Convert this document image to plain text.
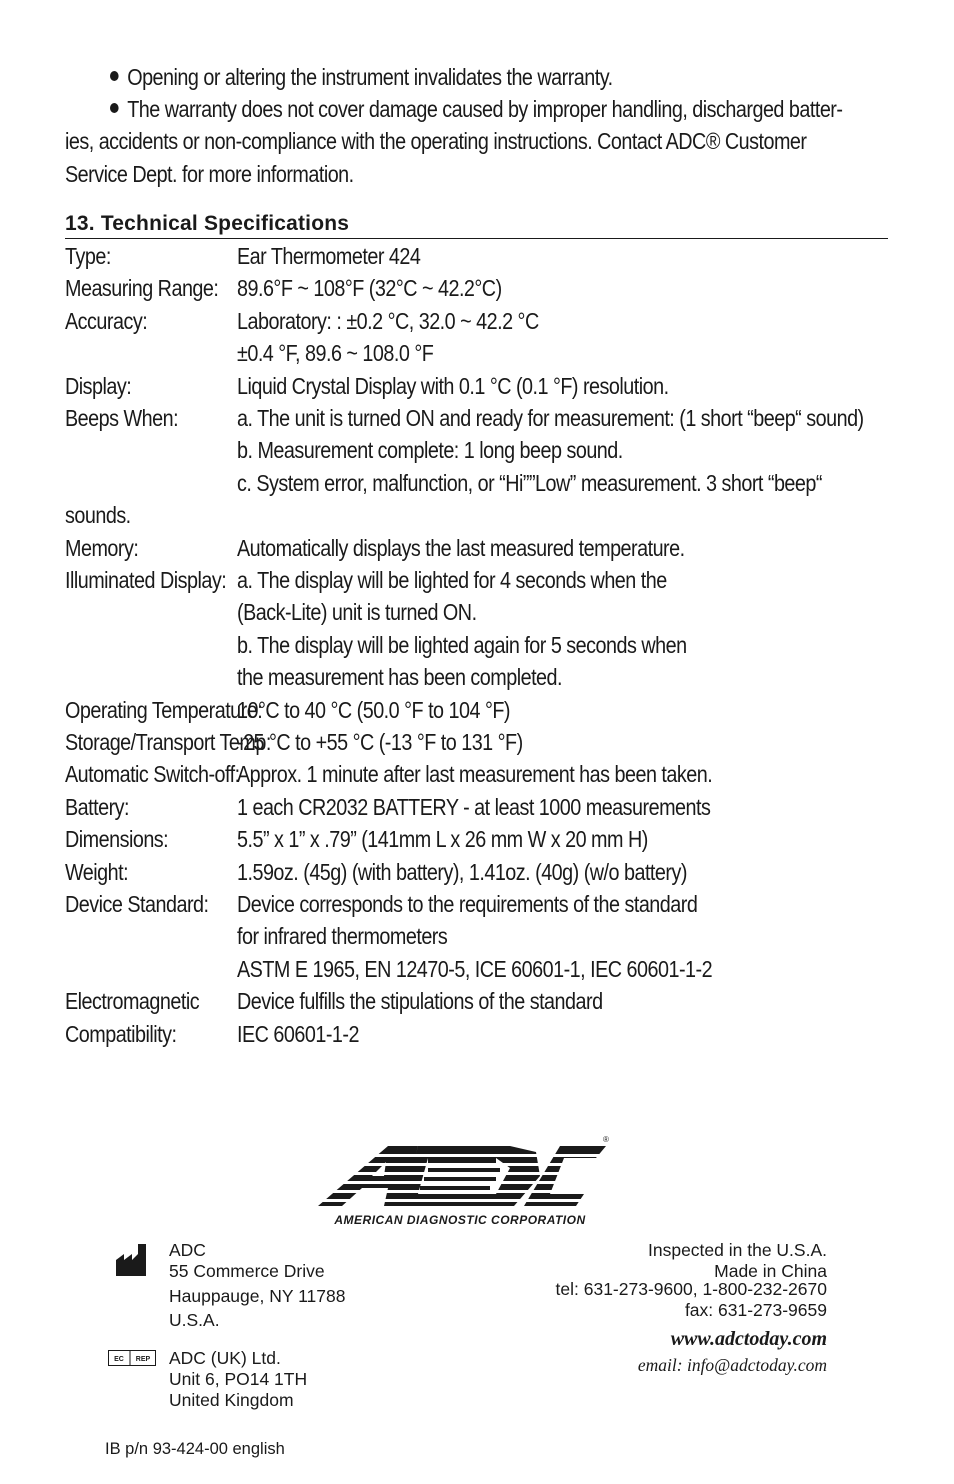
Opening or altering the instrument invalidates the warranty.
The warranty does not cover damage caused by improper handling, discharged batter-
ies, accidents or non-compliance with the operating instructions. Contact ADC® Customer
Service Dept. for more information.
13. Technical Specifications
Type:	Ear Thermometer 424
Measuring Range: 89.6°F ~ 108°F (32°C ~ 42.2°C)
Accuracy:	Laboratory: : ±0.2 °C, 32.0 ~ 42.2 °C
±0.4 °F, 89.6 ~ 108.0 °F
Display:	Liquid Crystal Display with 0.1 °C (0.1 °F) resolution.
Beeps When:	a. The unit is turned ON and ready for measurement: (1 short “beep“ sound)
b. Measurement complete: 1 long beep sound.
c. System error, malfunction, or “Hi””Low” measurement. 3 short “beep“
sounds.
Memory:	Automatically displays the last measured temperature.
Illuminated Display: a. The display will be lighted for 4 seconds when the
(Back-Lite) unit is turned ON.
b. The display will be lighted again for 5 seconds when
the measurement has been completed.
Operating Temperature:
10°C to 40 °C (50.0 °F to 104 °F)
Storage/Transport Temp:
-25 °C to +55 °C (-13 °F to 131 °F)
Automatic Switch-off:
Approx. 1 minute after last measurement has been taken.
Battery:	1 each CR2032 BATTERY - at least 1000 measurements
Dimensions:	5.5” x 1” x .79” (141mm L x 26 mm W x 20 mm H)
Weight:	1.59oz. (45g) (with battery), 1.41oz. (40g) (w/o battery)
Device Standard: Device corresponds to the requirements of the standard
for infrared thermometers
ASTM E 1965, EN 12470-5, ICE 60601-1, IEC 60601-1-2
Electromagnetic Device fulfills the stipulations of the standard
Compatibility:	IEC 60601-1-2
®
AMERICAN DIAGNOSTIC CORPORATION
ADC
55 Commerce Drive
Hauppauge, NY 11788
U.S.A.
EC REP ADC (UK) Ltd.
Unit 6, PO14 1TH
United Kingdom
Inspected in the U.S.A.
Made in China
tel: 631-273-9600, 1-800-232-2670
fax: 631-273-9659
www.adctoday.com
email: info@adctoday.com
IB p/n 93-424-00 english
